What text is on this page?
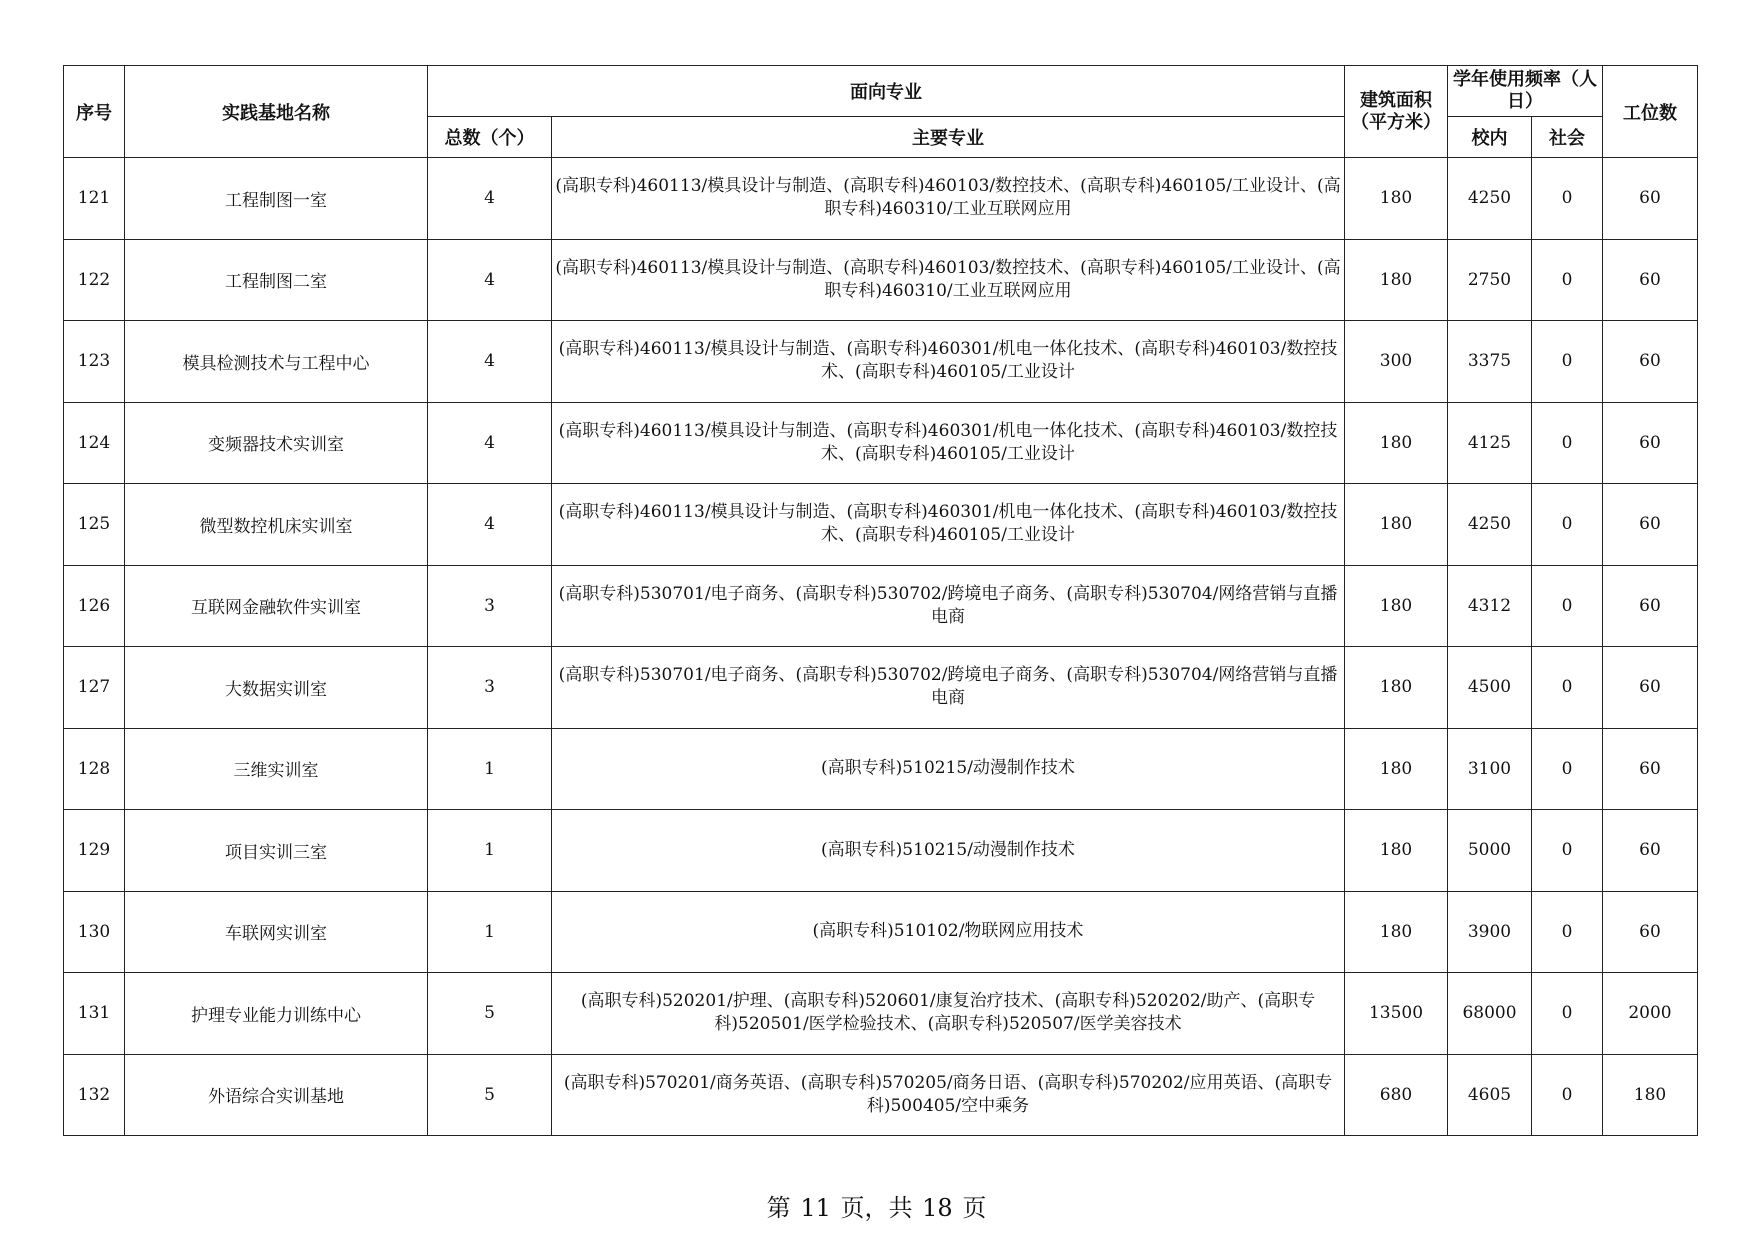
序号	实践基地名称	面向专业		建筑面积（平方米）	学年使用频率（人日）		工位数
		总数（个）	主要专业		校内	社会	
121	工程制图一室	4	(高职专科)460113/模具设计与制造、(高职专科)460103/数控技术、(高职专科)460105/工业设计、(高职专科)460310/工业互联网应用	180	4250	0	60
122	工程制图二室	4	(高职专科)460113/模具设计与制造、(高职专科)460103/数控技术、(高职专科)460105/工业设计、(高职专科)460310/工业互联网应用	180	2750	0	60
123	模具检测技术与工程中心	4	(高职专科)460113/模具设计与制造、(高职专科)460301/机电一体化技术、(高职专科)460103/数控技术、(高职专科)460105/工业设计	300	3375	0	60
124	变频器技术实训室	4	(高职专科)460113/模具设计与制造、(高职专科)460301/机电一体化技术、(高职专科)460103/数控技术、(高职专科)460105/工业设计	180	4125	0	60
125	微型数控机床实训室	4	(高职专科)460113/模具设计与制造、(高职专科)460301/机电一体化技术、(高职专科)460103/数控技术、(高职专科)460105/工业设计	180	4250	0	60
126	互联网金融软件实训室	3	(高职专科)530701/电子商务、(高职专科)530702/跨境电子商务、(高职专科)530704/网络营销与直播电商	180	4312	0	60
127	大数据实训室	3	(高职专科)530701/电子商务、(高职专科)530702/跨境电子商务、(高职专科)530704/网络营销与直播电商	180	4500	0	60
128	三维实训室	1	(高职专科)510215/动漫制作技术	180	3100	0	60
129	项目实训三室	1	(高职专科)510215/动漫制作技术	180	5000	0	60
130	车联网实训室	1	(高职专科)510102/物联网应用技术	180	3900	0	60
131	护理专业能力训练中心	5	(高职专科)520201/护理、(高职专科)520601/康复治疗技术、(高职专科)520202/助产、(高职专科)520501/医学检验技术、(高职专科)520507/医学美容技术	13500	68000	0	2000
132	外语综合实训基地	5	(高职专科)570201/商务英语、(高职专科)570205/商务日语、(高职专科)570202/应用英语、(高职专科)500405/空中乘务	680	4605	0	180
第 11 页，共 18 页
